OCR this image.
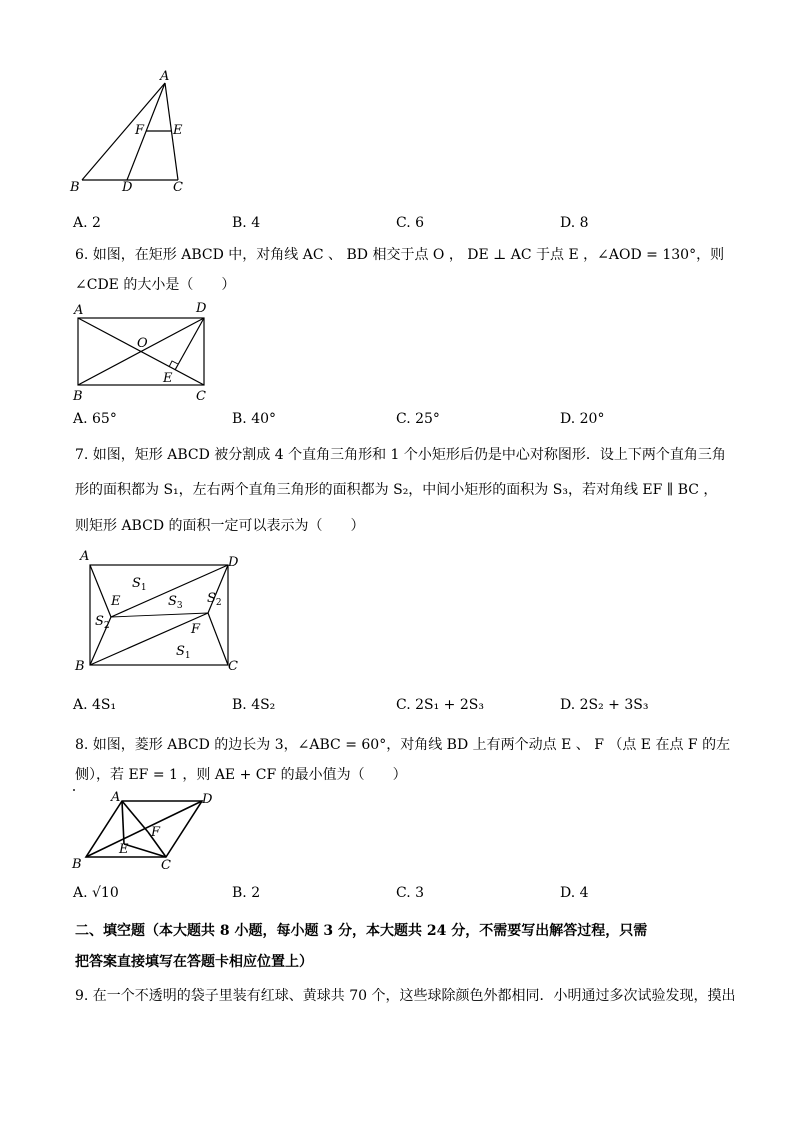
A
B	D	C
F E
A. 2	B. 4	C. 6	D. 8
6. 如图，在矩形 ABCD 中，对角线 AC 、 BD 相交于点 O ， DE ⊥ AC 于点 E ，∠AOD = 130°，则
∠CDE 的大小是（　　）
A	D
B	C
O
E
A. 65°	B. 40°	C. 25°	D. 20°
7. 如图，矩形 ABCD 被分割成 4 个直角三角形和 1 个小矩形后仍是中心对称图形．设上下两个直角三角
形的面积都为 S₁，左右两个直角三角形的面积都为 S₂，中间小矩形的面积为 S₃，若对角线 EF ∥ BC ，
则矩形 ABCD 的面积一定可以表示为（　　）
A	D
B	C
E
F
$S_1$
$S_3$ $S_2$
$S_2$
$S_1$
A. 4S₁	B. 4S₂	C. 2S₁ + 2S₃	D. 2S₂ + 3S₃
8. 如图，菱形 ABCD 的边长为 3，∠ABC = 60°，对角线 BD 上有两个动点 E 、 F （点 E 在点 F 的左
侧），若 EF = 1 ，则 AE + CF 的最小值为（　　）
A	D
B	C
E
F
A. √10	B. 2	C. 3	D. 4
二、填空题（本大题共 8 小题，每小题 3 分，本大题共 24 分，不需要写出解答过程，只需
把答案直接填写在答题卡相应位置上）
9. 在一个不透明的袋子里装有红球、黄球共 70 个，这些球除颜色外都相同．小明通过多次试验发现，摸出
